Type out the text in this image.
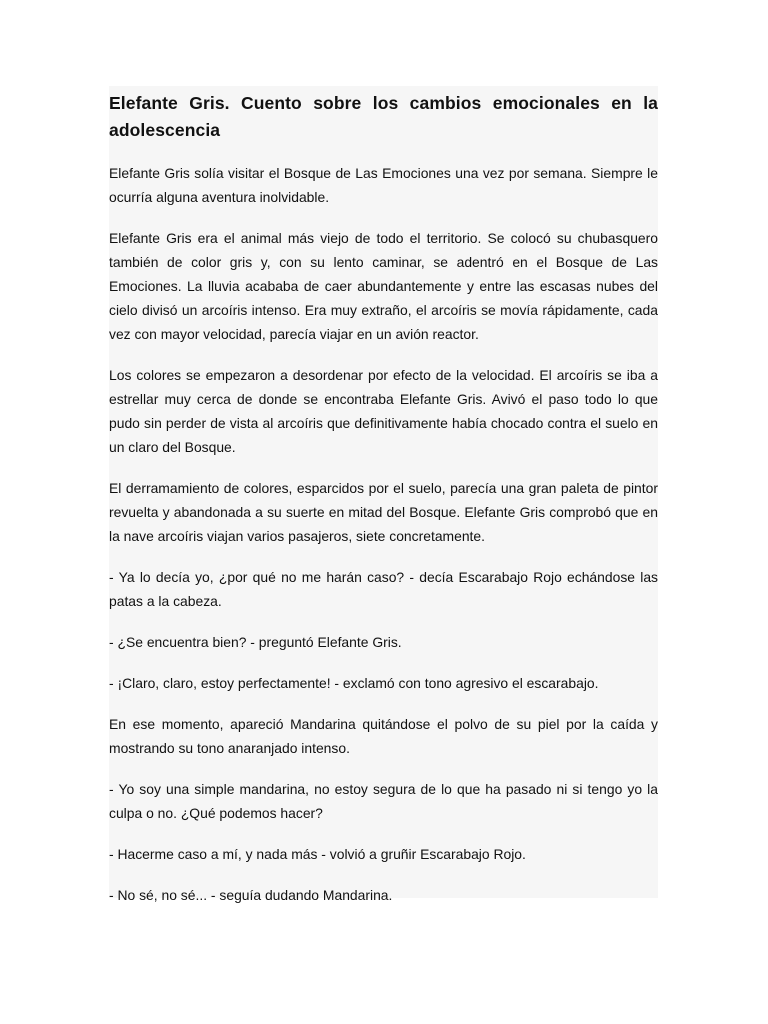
Elefante Gris. Cuento sobre los cambios emocionales en la adolescencia

Elefante Gris solía visitar el Bosque de Las Emociones una vez por semana. Siempre le ocurría alguna aventura inolvidable.

Elefante Gris era el animal más viejo de todo el territorio. Se colocó su chubasquero también de color gris y, con su lento caminar, se adentró en el Bosque de Las Emociones. La lluvia acababa de caer abundantemente y entre las escasas nubes del cielo divisó un arcoíris intenso. Era muy extraño, el arcoíris se movía rápidamente, cada vez con mayor velocidad, parecía viajar en un avión reactor.

Los colores se empezaron a desordenar por efecto de la velocidad. El arcoíris se iba a estrellar muy cerca de donde se encontraba Elefante Gris. Avivó el paso todo lo que pudo sin perder de vista al arcoíris que definitivamente había chocado contra el suelo en un claro del Bosque.

El derramamiento de colores, esparcidos por el suelo, parecía una gran paleta de pintor revuelta y abandonada a su suerte en mitad del Bosque. Elefante Gris comprobó que en la nave arcoíris viajan varios pasajeros, siete concretamente.

- Ya lo decía yo, ¿por qué no me harán caso? - decía Escarabajo Rojo echándose las patas a la cabeza.

- ¿Se encuentra bien? - preguntó Elefante Gris.

- ¡Claro, claro, estoy perfectamente! - exclamó con tono agresivo el escarabajo.

En ese momento, apareció Mandarina quitándose el polvo de su piel por la caída y mostrando su tono anaranjado intenso.

- Yo soy una simple mandarina, no estoy segura de lo que ha pasado ni si tengo yo la culpa o no. ¿Qué podemos hacer?

- Hacerme caso a mí, y nada más - volvió a gruñir Escarabajo Rojo.

- No sé, no sé... - seguía dudando Mandarina.
